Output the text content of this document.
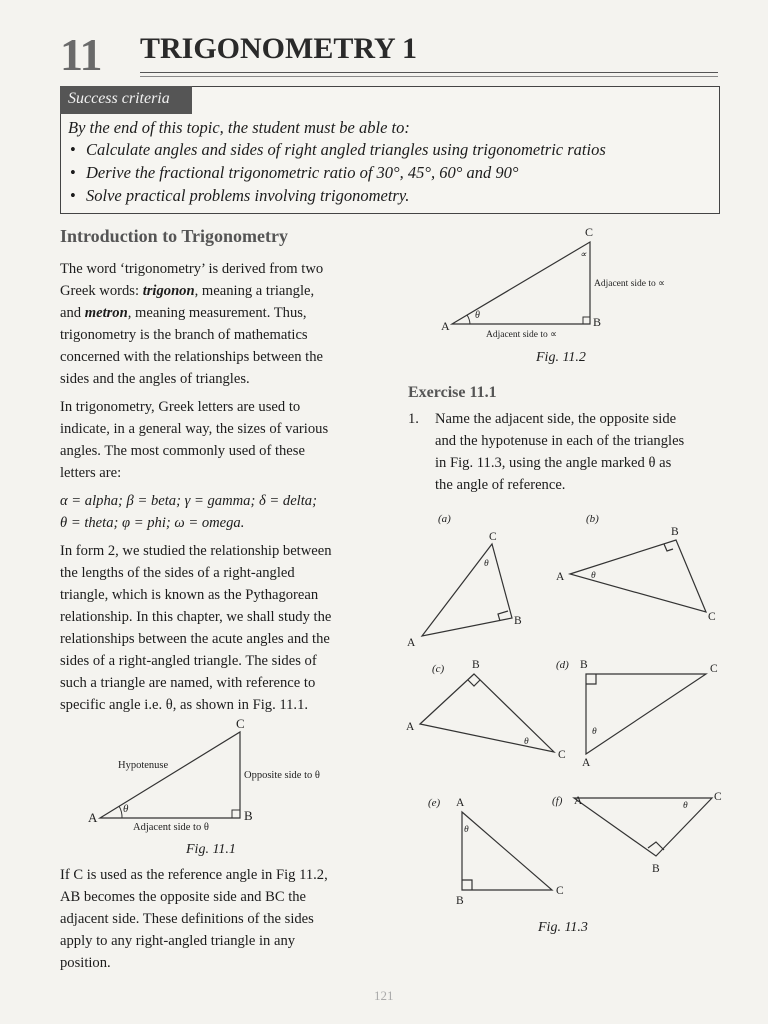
11 TRIGONOMETRY 1
Success criteria
By the end of this topic, the student must be able to:
• Calculate angles and sides of right angled triangles using trigonometric ratios
• Derive the fractional trigonometric ratio of 30°, 45°, 60° and 90°
• Solve practical problems involving trigonometry.
Introduction to Trigonometry
The word ‘trigonometry’ is derived from two
Greek words: trigonon, meaning a triangle,
and metron, meaning measurement. Thus,
trigonometry is the branch of mathematics
concerned with the relationships between the
sides and the angles of triangles.
In trigonometry, Greek letters are used to
indicate, in a general way, the sizes of various
angles. The most commonly used of these
letters are:
α = alpha; β = beta; γ = gamma; δ = delta;
θ = theta; φ = phi; ω = omega.
In form 2, we studied the relationship between
the lengths of the sides of a right-angled
triangle, which is known as the Pythagorean
relationship. In this chapter, we shall study the
relationships between the acute angles and the
sides of a right-angled triangle. The sides of
such a triangle are named, with reference to
specific angle i.e. θ, as shown in Fig. 11.1.
C
A	B
θ
Hypotenuse
Opposite side to θ
Adjacent side to θ
Fig. 11.1
If C is used as the reference angle in Fig 11.2,
AB becomes the opposite side and BC the
adjacent side. These definitions of the sides
apply to any right-angled triangle in any
position.
C
A	B
θ
∝
Adjacent side to ∝
Adjacent side to ∝
Fig. 11.2
Exercise 11.1
1. Name the adjacent side, the opposite side
and the hypotenuse in each of the triangles
in Fig. 11.3, using the angle marked θ as
the angle of reference.
(a)	(b)
(c)	(d)
(e)	(f)
C
A
B
θ
B
A
C
θ
B
A
C
θ
B	C
A
θ
A
C
B
θ
A	C
B
θ
Fig. 11.3
121
